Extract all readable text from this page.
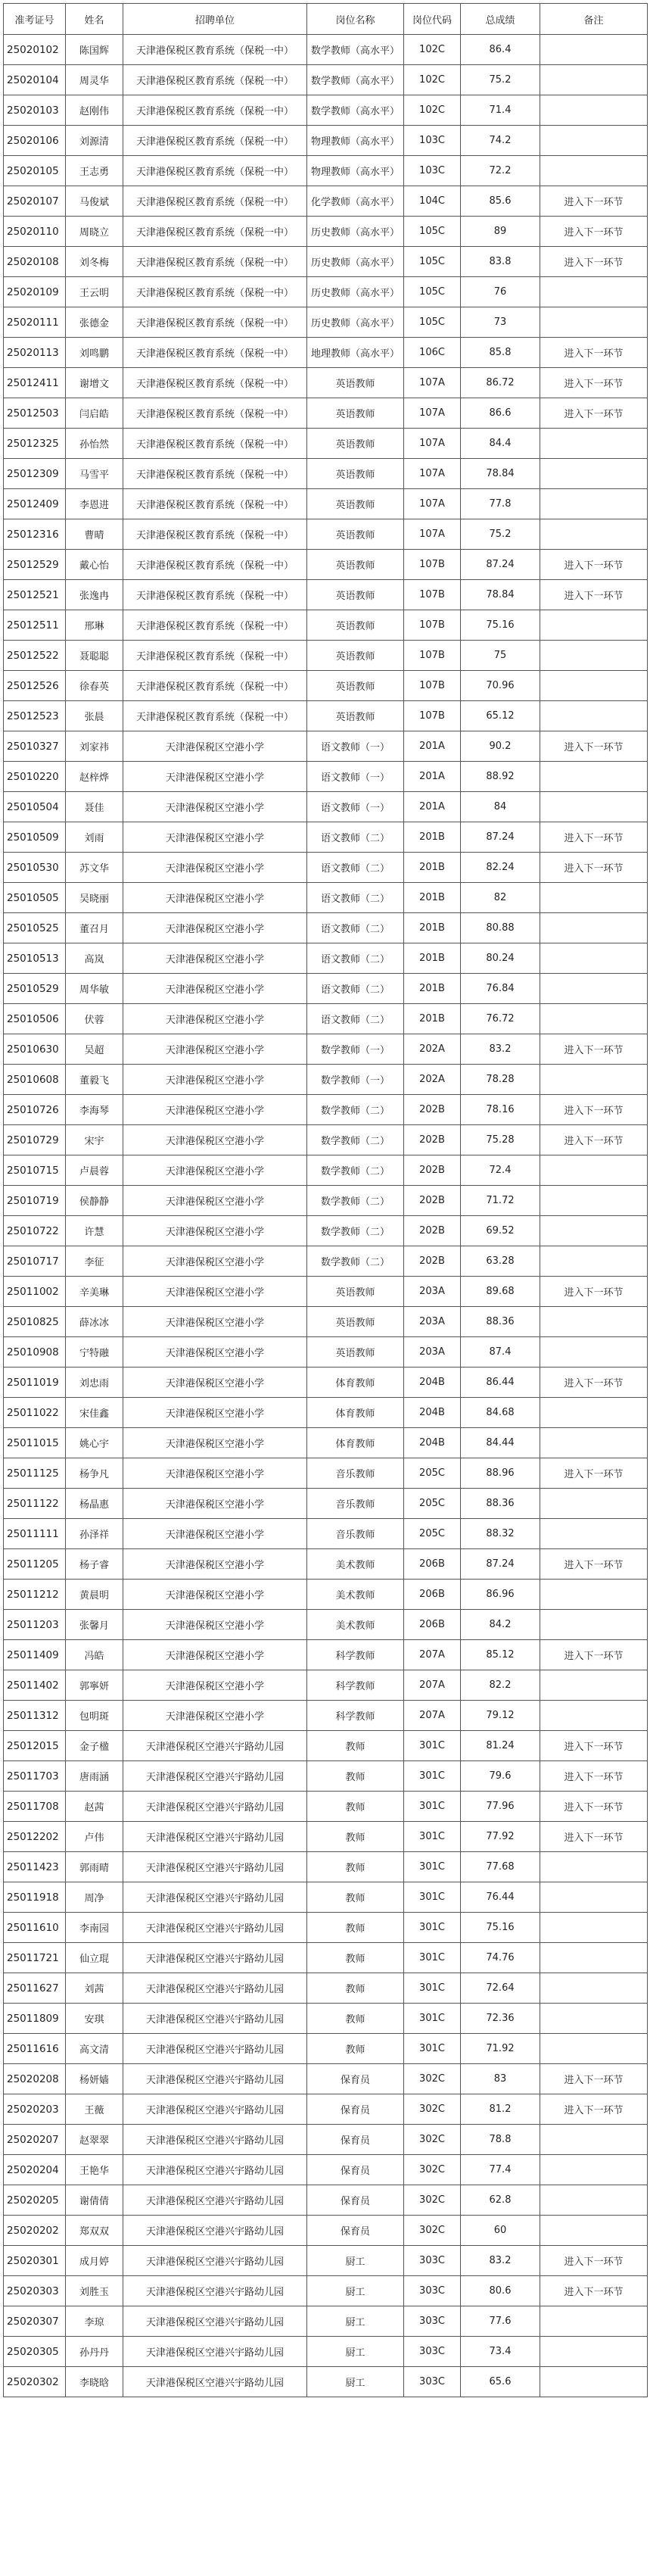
准考证号	姓名	招聘单位	岗位名称	岗位代码	总成绩	备注
25020102	陈国辉	天津港保税区教育系统（保税一中）	数学教师（高水平）	102C	86.4	
25020104	周灵华	天津港保税区教育系统（保税一中）	数学教师（高水平）	102C	75.2	
25020103	赵刚伟	天津港保税区教育系统（保税一中）	数学教师（高水平）	102C	71.4	
25020106	刘源清	天津港保税区教育系统（保税一中）	物理教师（高水平）	103C	74.2	
25020105	王志勇	天津港保税区教育系统（保税一中）	物理教师（高水平）	103C	72.2	
25020107	马俊斌	天津港保税区教育系统（保税一中）	化学教师（高水平）	104C	85.6	进入下一环节
25020110	周晓立	天津港保税区教育系统（保税一中）	历史教师（高水平）	105C	89	进入下一环节
25020108	刘冬梅	天津港保税区教育系统（保税一中）	历史教师（高水平）	105C	83.8	进入下一环节
25020109	王云明	天津港保税区教育系统（保税一中）	历史教师（高水平）	105C	76	
25020111	张德金	天津港保税区教育系统（保税一中）	历史教师（高水平）	105C	73	
25020113	刘鸣鹏	天津港保税区教育系统（保税一中）	地理教师（高水平）	106C	85.8	进入下一环节
25012411	谢增文	天津港保税区教育系统（保税一中）	英语教师	107A	86.72	进入下一环节
25012503	闫启皓	天津港保税区教育系统（保税一中）	英语教师	107A	86.6	进入下一环节
25012325	孙怡然	天津港保税区教育系统（保税一中）	英语教师	107A	84.4	
25012309	马雪平	天津港保税区教育系统（保税一中）	英语教师	107A	78.84	
25012409	李恩进	天津港保税区教育系统（保税一中）	英语教师	107A	77.8	
25012316	曹晴	天津港保税区教育系统（保税一中）	英语教师	107A	75.2	
25012529	戴心怡	天津港保税区教育系统（保税一中）	英语教师	107B	87.24	进入下一环节
25012521	张逸冉	天津港保税区教育系统（保税一中）	英语教师	107B	78.84	进入下一环节
25012511	邢琳	天津港保税区教育系统（保税一中）	英语教师	107B	75.16	
25012522	聂聪聪	天津港保税区教育系统（保税一中）	英语教师	107B	75	
25012526	徐春英	天津港保税区教育系统（保税一中）	英语教师	107B	70.96	
25012523	张晨	天津港保税区教育系统（保税一中）	英语教师	107B	65.12	
25010327	刘家祎	天津港保税区空港小学	语文教师（一）	201A	90.2	进入下一环节
25010220	赵梓烨	天津港保税区空港小学	语文教师（一）	201A	88.92	
25010504	聂佳	天津港保税区空港小学	语文教师（一）	201A	84	
25010509	刘雨	天津港保税区空港小学	语文教师（二）	201B	87.24	进入下一环节
25010530	苏文华	天津港保税区空港小学	语文教师（二）	201B	82.24	进入下一环节
25010505	吴晓丽	天津港保税区空港小学	语文教师（二）	201B	82	
25010525	董召月	天津港保税区空港小学	语文教师（二）	201B	80.88	
25010513	高岚	天津港保税区空港小学	语文教师（二）	201B	80.24	
25010529	周华敏	天津港保税区空港小学	语文教师（二）	201B	76.84	
25010506	伏蓉	天津港保税区空港小学	语文教师（二）	201B	76.72	
25010630	吴超	天津港保税区空港小学	数学教师（一）	202A	83.2	进入下一环节
25010608	董毅飞	天津港保税区空港小学	数学教师（一）	202A	78.28	
25010726	李海琴	天津港保税区空港小学	数学教师（二）	202B	78.16	进入下一环节
25010729	宋宇	天津港保税区空港小学	数学教师（二）	202B	75.28	进入下一环节
25010715	卢晨蓉	天津港保税区空港小学	数学教师（二）	202B	72.4	
25010719	侯静静	天津港保税区空港小学	数学教师（二）	202B	71.72	
25010722	许慧	天津港保税区空港小学	数学教师（二）	202B	69.52	
25010717	李征	天津港保税区空港小学	数学教师（二）	202B	63.28	
25011002	辛美琳	天津港保税区空港小学	英语教师	203A	89.68	进入下一环节
25010825	薛冰冰	天津港保税区空港小学	英语教师	203A	88.36	
25010908	宁特融	天津港保税区空港小学	英语教师	203A	87.4	
25011019	刘忠雨	天津港保税区空港小学	体育教师	204B	86.44	进入下一环节
25011022	宋佳鑫	天津港保税区空港小学	体育教师	204B	84.68	
25011015	姚心宇	天津港保税区空港小学	体育教师	204B	84.44	
25011125	杨争凡	天津港保税区空港小学	音乐教师	205C	88.96	进入下一环节
25011122	杨晶惠	天津港保税区空港小学	音乐教师	205C	88.36	
25011111	孙泽祥	天津港保税区空港小学	音乐教师	205C	88.32	
25011205	杨子睿	天津港保税区空港小学	美术教师	206B	87.24	进入下一环节
25011212	黄晨明	天津港保税区空港小学	美术教师	206B	86.96	
25011203	张馨月	天津港保税区空港小学	美术教师	206B	84.2	
25011409	冯皓	天津港保税区空港小学	科学教师	207A	85.12	进入下一环节
25011402	郭寧妍	天津港保税区空港小学	科学教师	207A	82.2	
25011312	包明斑	天津港保税区空港小学	科学教师	207A	79.12	
25012015	金子楹	天津港保税区空港兴宇路幼儿园	教师	301C	81.24	进入下一环节
25011703	唐雨涵	天津港保税区空港兴宇路幼儿园	教师	301C	79.6	进入下一环节
25011708	赵茜	天津港保税区空港兴宇路幼儿园	教师	301C	77.96	进入下一环节
25012202	卢伟	天津港保税区空港兴宇路幼儿园	教师	301C	77.92	进入下一环节
25011423	郭雨晴	天津港保税区空港兴宇路幼儿园	教师	301C	77.68	
25011918	周净	天津港保税区空港兴宇路幼儿园	教师	301C	76.44	
25011610	李南园	天津港保税区空港兴宇路幼儿园	教师	301C	75.16	
25011721	仙立琨	天津港保税区空港兴宇路幼儿园	教师	301C	74.76	
25011627	刘茜	天津港保税区空港兴宇路幼儿园	教师	301C	72.64	
25011809	安琪	天津港保税区空港兴宇路幼儿园	教师	301C	72.36	
25011616	高文清	天津港保税区空港兴宇路幼儿园	教师	301C	71.92	
25020208	杨妍嫱	天津港保税区空港兴宇路幼儿园	保育员	302C	83	进入下一环节
25020203	王薇	天津港保税区空港兴宇路幼儿园	保育员	302C	81.2	进入下一环节
25020207	赵翠翠	天津港保税区空港兴宇路幼儿园	保育员	302C	78.8	
25020204	王艳华	天津港保税区空港兴宇路幼儿园	保育员	302C	77.4	
25020205	谢倩倩	天津港保税区空港兴宇路幼儿园	保育员	302C	62.8	
25020202	郑双双	天津港保税区空港兴宇路幼儿园	保育员	302C	60	
25020301	成月婷	天津港保税区空港兴宇路幼儿园	厨工	303C	83.2	进入下一环节
25020303	刘胜玉	天津港保税区空港兴宇路幼儿园	厨工	303C	80.6	进入下一环节
25020307	李琼	天津港保税区空港兴宇路幼儿园	厨工	303C	77.6	
25020305	孙丹丹	天津港保税区空港兴宇路幼儿园	厨工	303C	73.4	
25020302	李晓晗	天津港保税区空港兴宇路幼儿园	厨工	303C	65.6	
